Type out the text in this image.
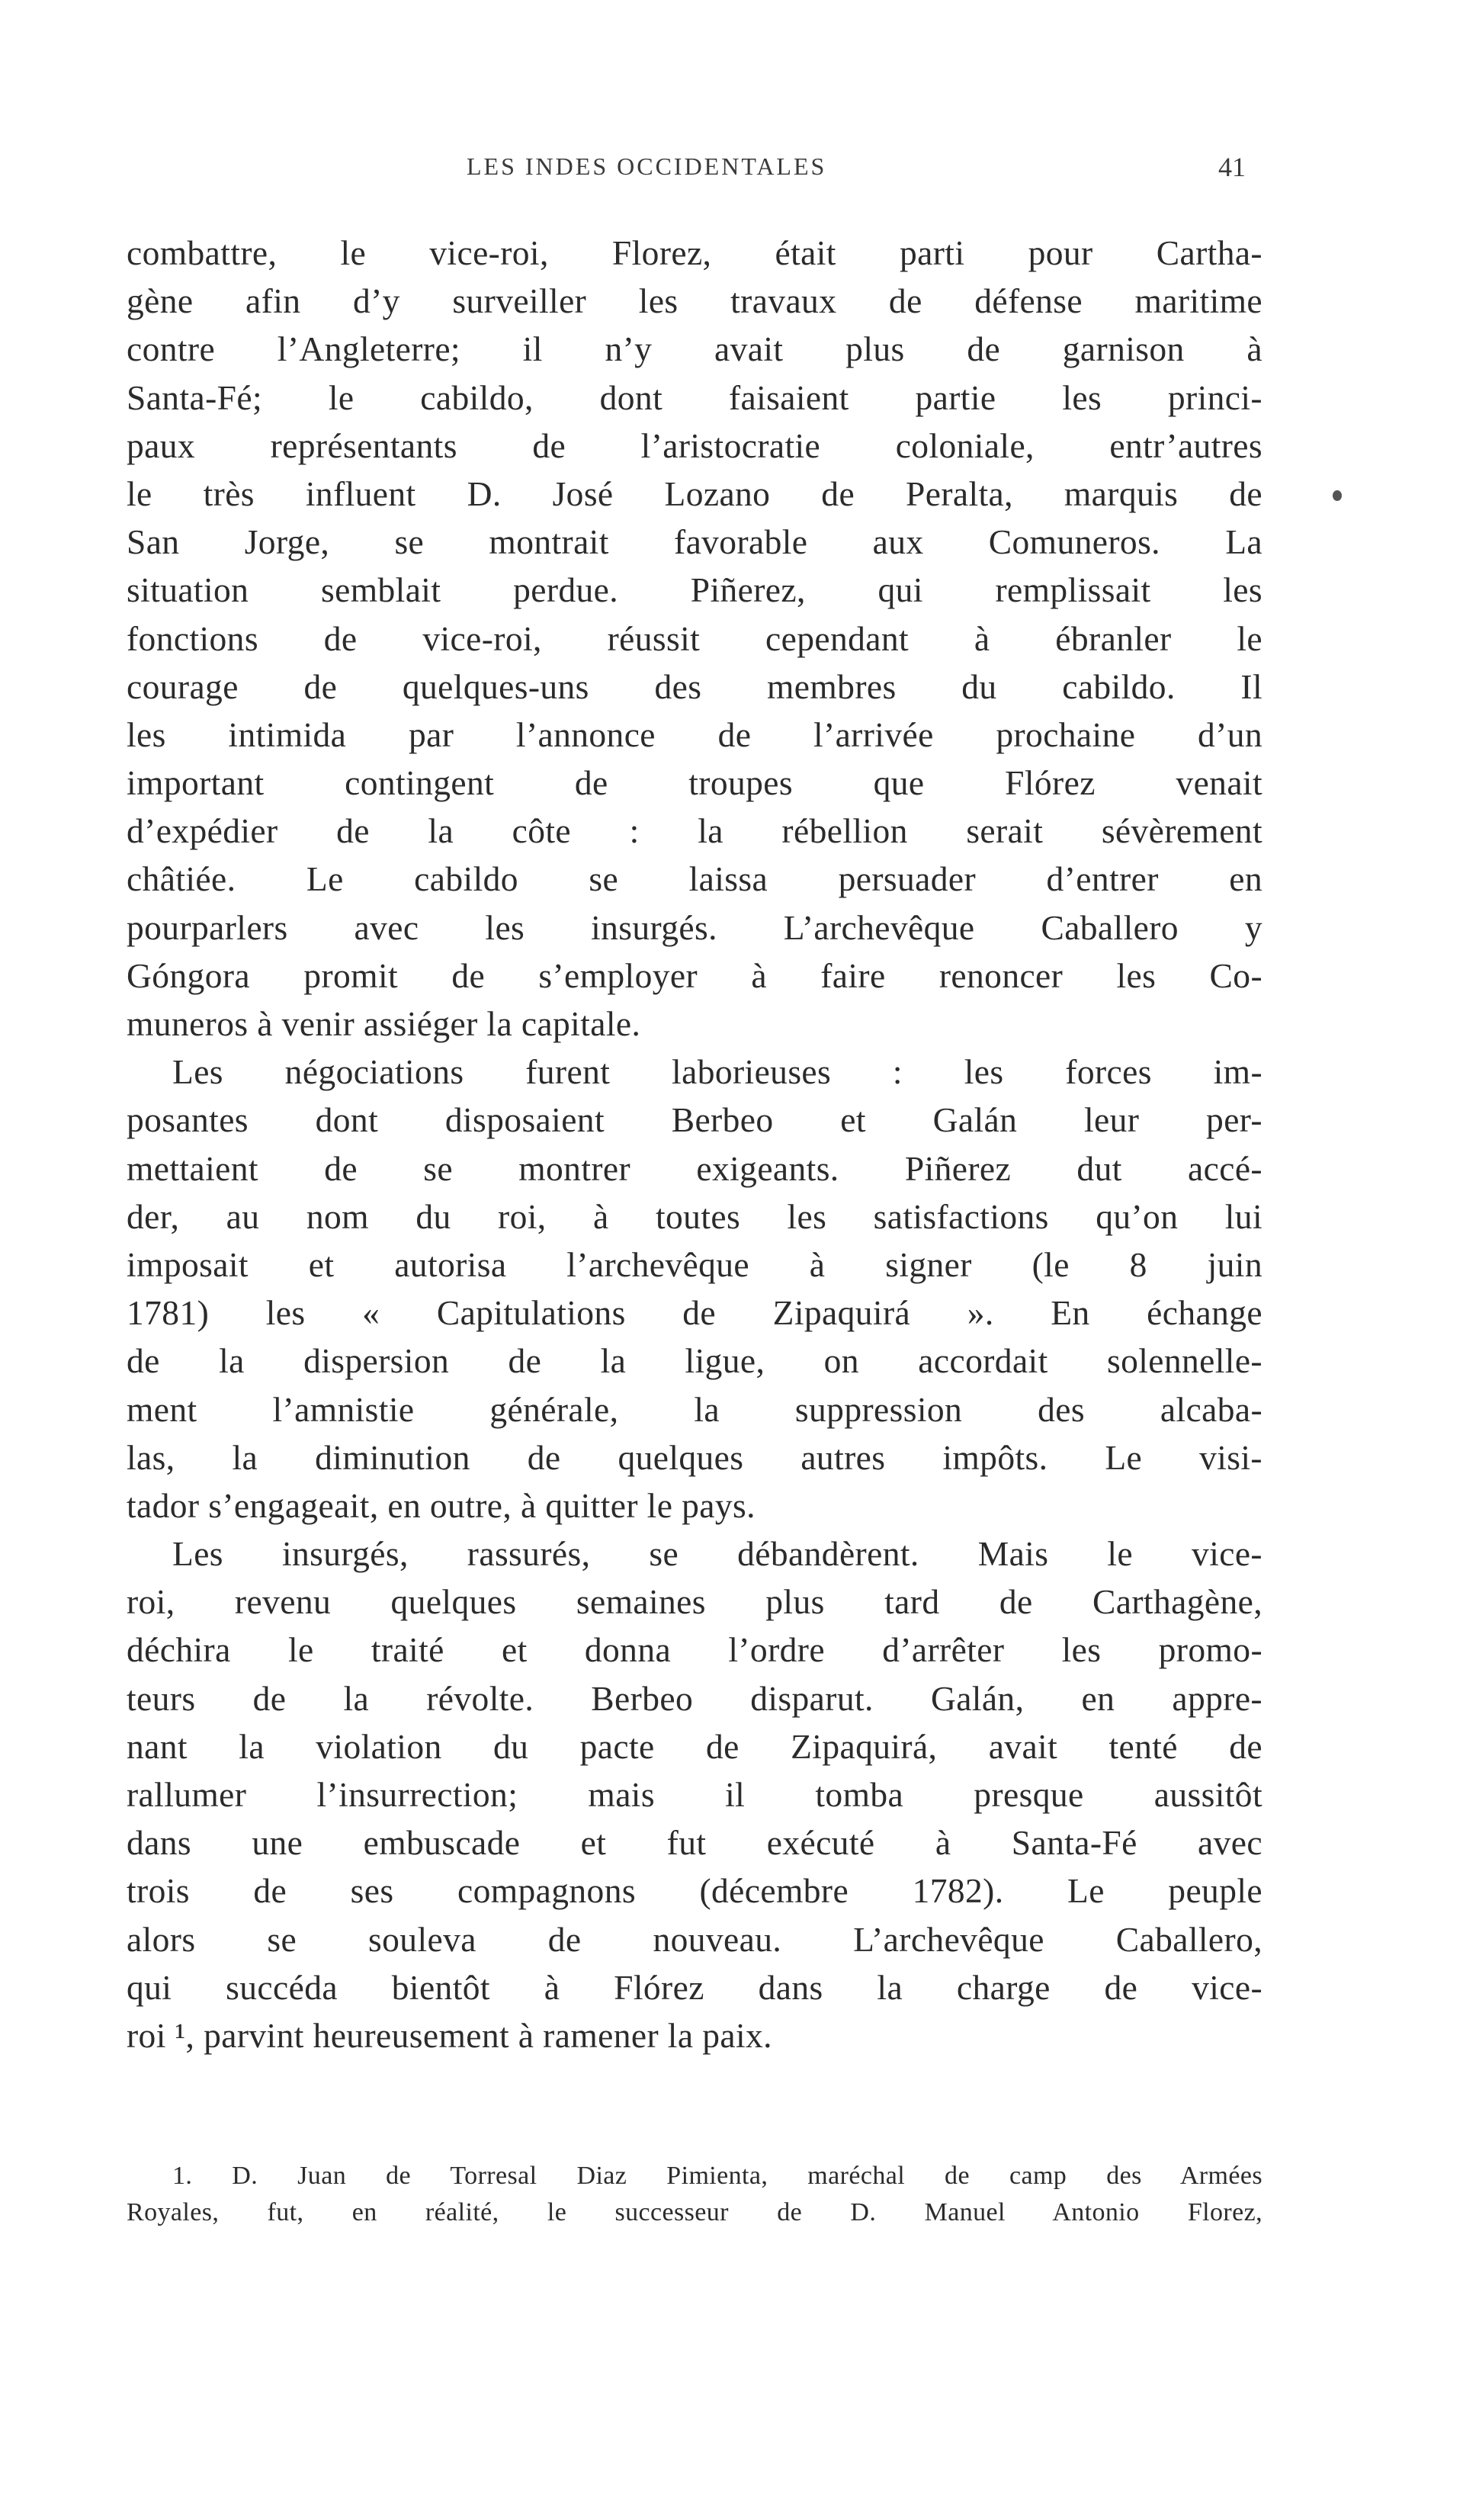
LES INDES OCCIDENTALES	41
combattre, le vice-roi, Florez, était parti pour Cartha-
gène afin d’y surveiller les travaux de défense maritime
contre l’Angleterre; il n’y avait plus de garnison à
Santa-Fé; le cabildo, dont faisaient partie les princi-
paux représentants de l’aristocratie coloniale, entr’autres
le très influent D. José Lozano de Peralta, marquis de
San Jorge, se montrait favorable aux Comuneros. La
situation semblait perdue. Piñerez, qui remplissait les
fonctions de vice-roi, réussit cependant à ébranler le
courage de quelques-uns des membres du cabildo. Il
les intimida par l’annonce de l’arrivée prochaine d’un
important contingent de troupes que Flórez venait
d’expédier de la côte : la rébellion serait sévèrement
châtiée. Le cabildo se laissa persuader d’entrer en
pourparlers avec les insurgés. L’archevêque Caballero y
Góngora promit de s’employer à faire renoncer les Co-
muneros à venir assiéger la capitale.
Les négociations furent laborieuses : les forces im-
posantes dont disposaient Berbeo et Galán leur per-
mettaient de se montrer exigeants. Piñerez dut accé-
der, au nom du roi, à toutes les satisfactions qu’on lui
imposait et autorisa l’archevêque à signer (le 8 juin
1781) les « Capitulations de Zipaquirá ». En échange
de la dispersion de la ligue, on accordait solennelle-
ment l’amnistie générale, la suppression des alcaba-
las, la diminution de quelques autres impôts. Le visi-
tador s’engageait, en outre, à quitter le pays.
Les insurgés, rassurés, se débandèrent. Mais le vice-
roi, revenu quelques semaines plus tard de Carthagène,
déchira le traité et donna l’ordre d’arrêter les promo-
teurs de la révolte. Berbeo disparut. Galán, en appre-
nant la violation du pacte de Zipaquirá, avait tenté de
rallumer l’insurrection; mais il tomba presque aussitôt
dans une embuscade et fut exécuté à Santa-Fé avec
trois de ses compagnons (décembre 1782). Le peuple
alors se souleva de nouveau. L’archevêque Caballero,
qui succéda bientôt à Flórez dans la charge de vice-
roi ¹, parvint heureusement à ramener la paix.
1. D. Juan de Torresal Diaz Pimienta, maréchal de camp des Armées
Royales, fut, en réalité, le successeur de D. Manuel Antonio Florez,
